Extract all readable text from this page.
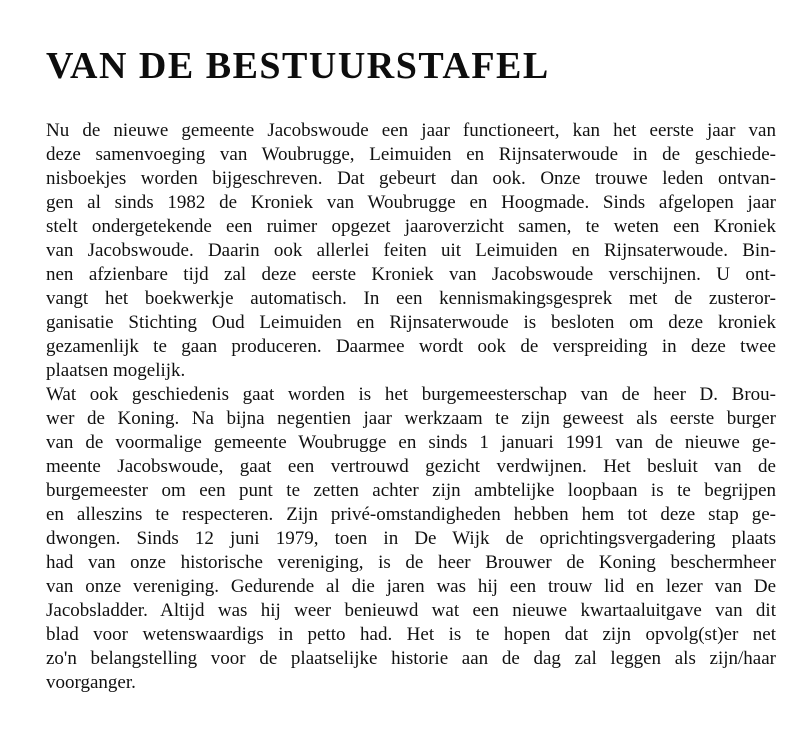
VAN DE BESTUURSTAFEL
Nu de nieuwe gemeente Jacobswoude een jaar functioneert, kan het eerste jaar van
deze samenvoeging van Woubrugge, Leimuiden en Rijnsaterwoude in de geschiede-
nisboekjes worden bijgeschreven. Dat gebeurt dan ook. Onze trouwe leden ontvan-
gen al sinds 1982 de Kroniek van Woubrugge en Hoogmade. Sinds afgelopen jaar
stelt ondergetekende een ruimer opgezet jaaroverzicht samen, te weten een Kroniek
van Jacobswoude. Daarin ook allerlei feiten uit Leimuiden en Rijnsaterwoude. Bin-
nen afzienbare tijd zal deze eerste Kroniek van Jacobswoude verschijnen. U ont-
vangt het boekwerkje automatisch. In een kennismakingsgesprek met de zusteror-
ganisatie Stichting Oud Leimuiden en Rijnsaterwoude is besloten om deze kroniek
gezamenlijk te gaan produceren. Daarmee wordt ook de verspreiding in deze twee
plaatsen mogelijk.
Wat ook geschiedenis gaat worden is het burgemeesterschap van de heer D. Brou-
wer de Koning. Na bijna negentien jaar werkzaam te zijn geweest als eerste burger
van de voormalige gemeente Woubrugge en sinds 1 januari 1991 van de nieuwe ge-
meente Jacobswoude, gaat een vertrouwd gezicht verdwijnen. Het besluit van de
burgemeester om een punt te zetten achter zijn ambtelijke loopbaan is te begrijpen
en alleszins te respecteren. Zijn privé-omstandigheden hebben hem tot deze stap ge-
dwongen. Sinds 12 juni 1979, toen in De Wijk de oprichtingsvergadering plaats
had van onze historische vereniging, is de heer Brouwer de Koning beschermheer
van onze vereniging. Gedurende al die jaren was hij een trouw lid en lezer van De
Jacobsladder. Altijd was hij weer benieuwd wat een nieuwe kwartaaluitgave van dit
blad voor wetenswaardigs in petto had. Het is te hopen dat zijn opvolg(st)er net
zo'n belangstelling voor de plaatselijke historie aan de dag zal leggen als zijn/haar
voorganger.
